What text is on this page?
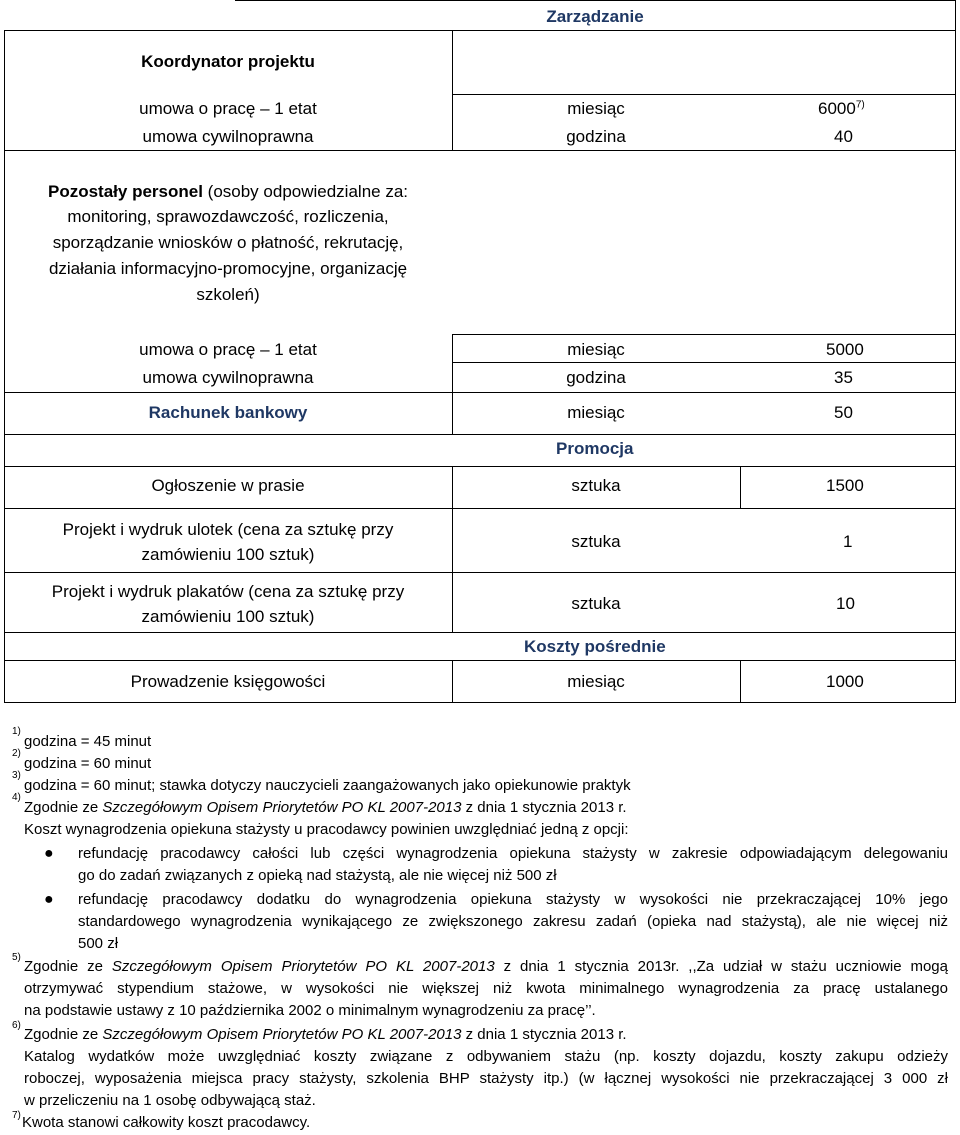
Zarządzanie
Koordynator projektu
umowa o pracę – 1 etat	miesiąc	6000$^{7)}$
umowa cywilnoprawna	godzina	40
Pozostały personel (osoby odpowiedzialne za:
monitoring, sprawozdawczość, rozliczenia,
sporządzanie wniosków o płatność, rekrutację,
działania informacyjno-promocyjne, organizację
szkoleń)
umowa o pracę – 1 etat	miesiąc	5000
umowa cywilnoprawna	godzina	35
Rachunek bankowy	miesiąc	50
Promocja
Ogłoszenie w prasie	sztuka	1500
Projekt i wydruk ulotek (cena za sztukę przy
zamówieniu 100 sztuk)
sztuka	1
Projekt i wydruk plakatów (cena za sztukę przy
zamówieniu 100 sztuk)
sztuka	10
Koszty pośrednie
Prowadzenie księgowości	miesiąc	1000
1)
godzina = 45 minut
2)
godzina = 60 minut
3)
godzina = 60 minut; stawka dotyczy nauczycieli zaangażowanych jako opiekunowie praktyk
4)
Zgodnie ze Szczegółowym Opisem Priorytetów PO KL 2007-2013 z dnia 1 stycznia 2013 r.
Koszt wynagrodzenia opiekuna stażysty u pracodawcy powinien uwzględniać jedną z opcji:
● refundację pracodawcy całości lub części wynagrodzenia opiekuna stażysty w zakresie odpowiadającym delegowaniu
go do zadań związanych z opieką nad stażystą, ale nie więcej niż 500 zł
● refundację pracodawcy dodatku do wynagrodzenia opiekuna stażysty w wysokości nie przekraczającej 10% jego
standardowego wynagrodzenia wynikającego ze zwiększonego zakresu zadań (opieka nad stażystą), ale nie więcej niż
500 zł
5)
Zgodnie ze Szczegółowym Opisem Priorytetów PO KL 2007-2013 z dnia 1 stycznia 2013r. ,,Za udział w stażu uczniowie mogą
otrzymywać stypendium stażowe, w wysokości nie większej niż kwota minimalnego wynagrodzenia za pracę ustalanego
na podstawie ustawy z 10 października 2002 o minimalnym wynagrodzeniu za pracę’’.
6)
Zgodnie ze Szczegółowym Opisem Priorytetów PO KL 2007-2013 z dnia 1 stycznia 2013 r.
Katalog wydatków może uwzględniać koszty związane z odbywaniem stażu (np. koszty dojazdu, koszty zakupu odzieży
roboczej, wyposażenia miejsca pracy stażysty, szkolenia BHP stażysty itp.) (w łącznej wysokości nie przekraczającej 3 000 zł
w przeliczeniu na 1 osobę odbywającą staż.
7) Kwota stanowi całkowity koszt pracodawcy.
